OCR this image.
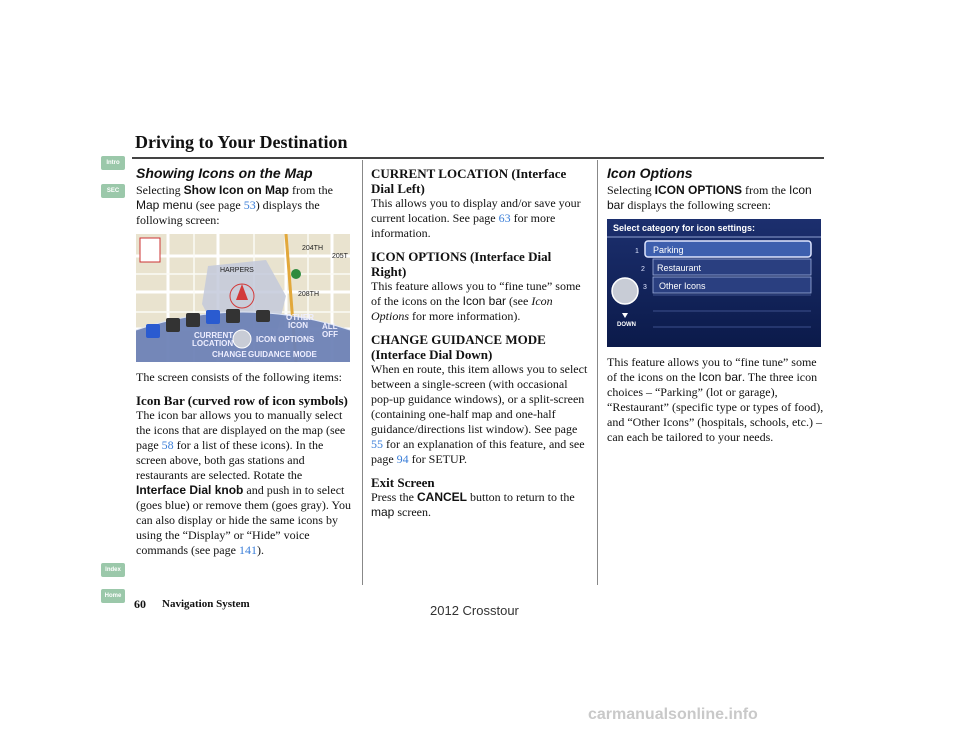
Driving to Your Destination
Intro
SEC
Index
Home
Showing Icons on the Map

Selecting Show Icon on Map from the Map menu (see page 53) displays the following screen:

HARPERS
204TH
208TH
205T
OTHER
ICON ALL
OFF
CURRENT
LOCATION	ICON OPTIONS
CHANGE GUIDANCE MODE

The screen consists of the following items:

Icon Bar (curved row of icon symbols)

The icon bar allows you to manually select the icons that are displayed on the map (see page 58 for a list of these icons). In the screen above, both gas stations and restaurants are selected. Rotate the Interface Dial knob and push in to select (goes blue) or remove them (goes gray). You can also display or hide the same icons by using the “Display” or “Hide” voice commands (see page 141).

CURRENT LOCATION (Interface Dial Left)

This allows you to display and/or save your current location. See page 63 for more information.

ICON OPTIONS (Interface Dial Right)

This feature allows you to “fine tune” some of the icons on the Icon bar (see Icon Options for more information).

CHANGE GUIDANCE MODE (Interface Dial Down)

When en route, this item allows you to select between a single-screen (with occasional pop-up guidance windows), or a split-screen (containing one-half map and one-half guidance/directions list window). See page 55 for an explanation of this feature, and see page 94 for SETUP.

Exit Screen

Press the CANCEL button to return to the map screen.

Icon Options

Selecting ICON OPTIONS from the Icon bar displays the following screen:

Select category for icon settings:
1 Parking
2 Restaurant
3 Other Icons
DOWN

This feature allows you to “fine tune” some of the icons on the Icon bar. The three icon choices – “Parking” (lot or garage), “Restaurant” (specific type or types of food), and “Other Icons” (hospitals, schools, etc.) – can each be tailored to your needs.

60 Navigation System	2012 Crosstour
carmanualsonline.info
